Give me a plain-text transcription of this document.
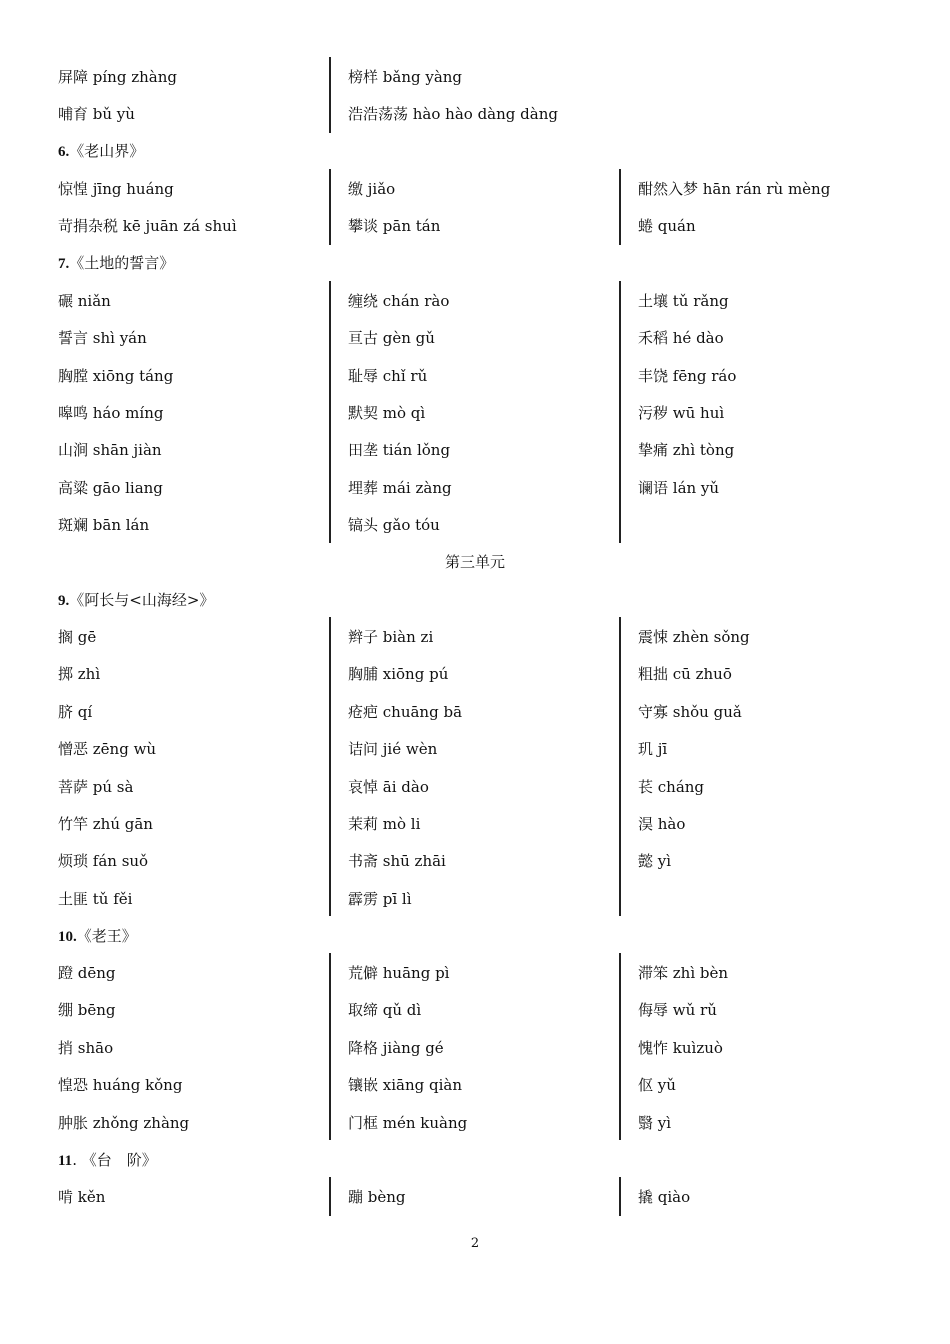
屏障 píng zhàng
哺育 bǔ yù
榜样 bǎng yàng
浩浩荡荡 hào hào dàng dàng
6.《老山界》
惊惶 jīng huáng
苛捐杂税 kē juān zá shuì
缴 jiǎo
攀谈 pān tán
酣然入梦 hān rán rù mèng
蜷 quán
7.《土地的誓言》
碾 niǎn
誓言 shì yán
胸膛 xiōng táng
嗥鸣 háo míng
山涧 shān jiàn
高粱 gāo liang
斑斓 bān lán
缠绕 chán rào
亘古 gèn gǔ
耻辱 chǐ rǔ
默契 mò qì
田垄 tián lǒng
埋葬 mái zàng
镐头 gǎo tóu
土壤 tǔ rǎng
禾稻 hé dào
丰饶 fēng ráo
污秽 wū huì
挚痛 zhì tòng
谰语 lán yǔ
第三单元
9.《阿长与<山海经>》
搁 gē
掷 zhì
脐 qí
憎恶 zēng wù
菩萨 pú sà
竹竿 zhú gān
烦琐 fán suǒ
土匪 tǔ fěi
辫子 biàn zi
胸脯 xiōng pú
疮疤 chuāng bā
诘问 jié wèn
哀悼 āi dào
茉莉 mò li
书斋 shū zhāi
霹雳 pī lì
震悚 zhèn sǒng
粗拙 cū zhuō
守寡 shǒu guǎ
玑 jī
苌 cháng
淏 hào
懿 yì
10.《老王》
蹬 dēng
绷 bēng
捎 shāo
惶恐 huáng kǒng
肿胀 zhǒng zhàng
荒僻 huāng pì
取缔 qǔ dì
降格 jiàng gé
镶嵌 xiāng qiàn
门框 mén kuàng
滞笨 zhì bèn
侮辱 wǔ rǔ
愧怍 kuìzuò
伛 yǔ
翳 yì
11. 《台　阶》
啃 kěn	蹦 bèng	撬 qiào
2
